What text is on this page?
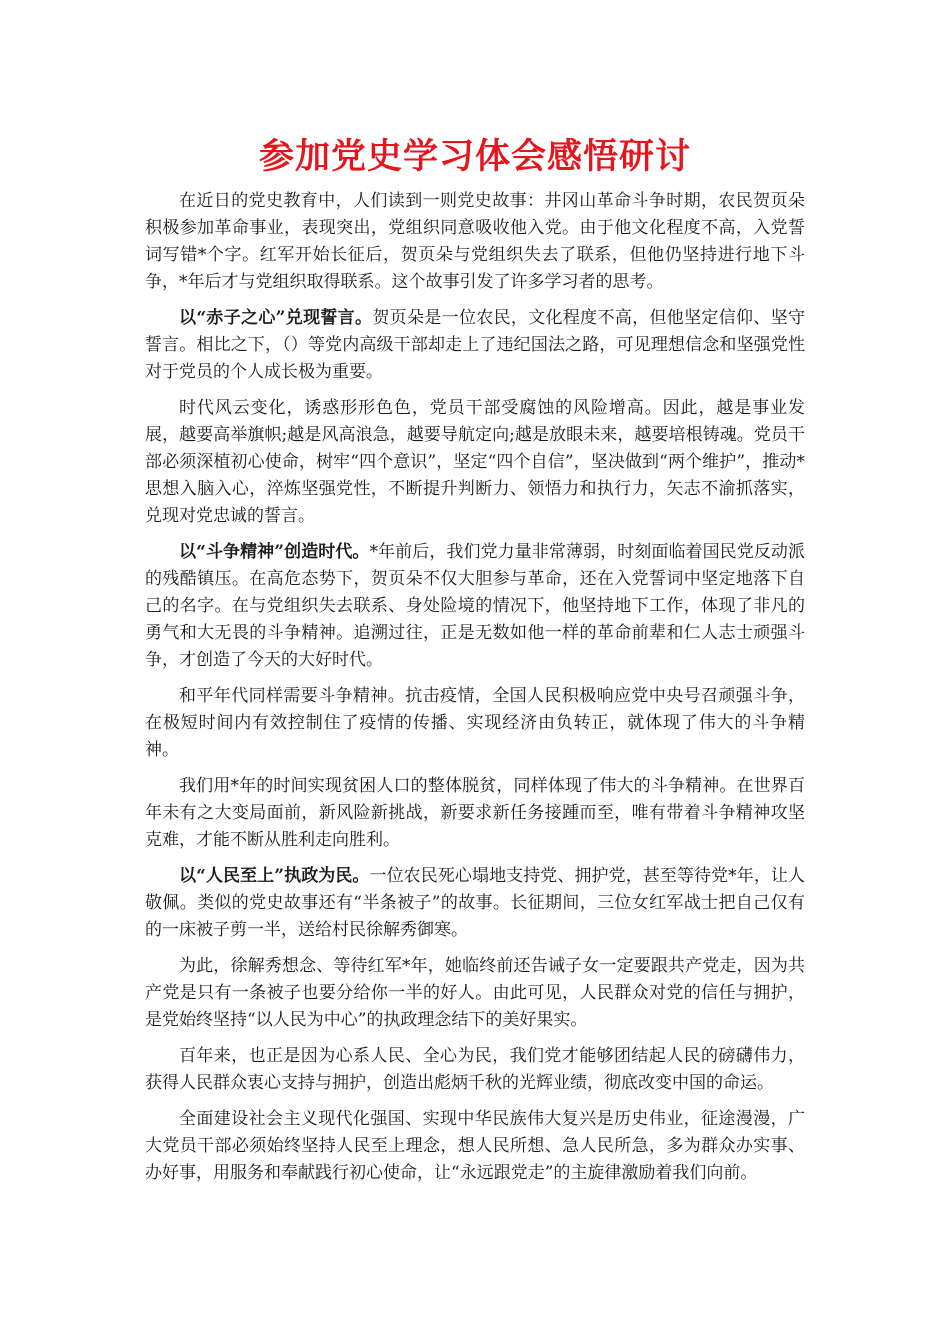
参加党史学习体会感悟研讨

在近日的党史教育中，人们读到一则党史故事：井冈山革命斗争时期，农民贺页朵积极参加革命事业，表现突出，党组织同意吸收他入党。由于他文化程度不高，入党誓词写错*个字。红军开始长征后，贺页朵与党组织失去了联系，但他仍坚持进行地下斗争，*年后才与党组织取得联系。这个故事引发了许多学习者的思考。

以“赤子之心”兑现誓言。贺页朵是一位农民，文化程度不高，但他坚定信仰、坚守誓言。相比之下，（）等党内高级干部却走上了违纪国法之路，可见理想信念和坚强党性对于党员的个人成长极为重要。

时代风云变化，诱惑形形色色，党员干部受腐蚀的风险增高。因此，越是事业发展，越要高举旗帜;越是风高浪急，越要导航定向;越是放眼未来，越要培根铸魂。党员干部必须深植初心使命，树牢“四个意识”，坚定“四个自信”，坚决做到“两个维护”，推动*思想入脑入心，淬炼坚强党性，不断提升判断力、领悟力和执行力，矢志不渝抓落实，兑现对党忠诚的誓言。

以“斗争精神”创造时代。*年前后，我们党力量非常薄弱，时刻面临着国民党反动派的残酷镇压。在高危态势下，贺页朵不仅大胆参与革命，还在入党誓词中坚定地落下自己的名字。在与党组织失去联系、身处险境的情况下，他坚持地下工作，体现了非凡的勇气和大无畏的斗争精神。追溯过往，正是无数如他一样的革命前辈和仁人志士顽强斗争，才创造了今天的大好时代。

和平年代同样需要斗争精神。抗击疫情，全国人民积极响应党中央号召顽强斗争，在极短时间内有效控制住了疫情的传播、实现经济由负转正，就体现了伟大的斗争精神。

我们用*年的时间实现贫困人口的整体脱贫，同样体现了伟大的斗争精神。在世界百年未有之大变局面前，新风险新挑战，新要求新任务接踵而至，唯有带着斗争精神攻坚克难，才能不断从胜利走向胜利。

以“人民至上”执政为民。一位农民死心塌地支持党、拥护党，甚至等待党*年，让人敬佩。类似的党史故事还有“半条被子”的故事。长征期间，三位女红军战士把自己仅有的一床被子剪一半，送给村民徐解秀御寒。

为此，徐解秀想念、等待红军*年，她临终前还告诫子女一定要跟共产党走，因为共产党是只有一条被子也要分给你一半的好人。由此可见，人民群众对党的信任与拥护，是党始终坚持“以人民为中心”的执政理念结下的美好果实。

百年来，也正是因为心系人民、全心为民，我们党才能够团结起人民的磅礴伟力，获得人民群众衷心支持与拥护，创造出彪炳千秋的光辉业绩，彻底改变中国的命运。

全面建设社会主义现代化强国、实现中华民族伟大复兴是历史伟业，征途漫漫，广大党员干部必须始终坚持人民至上理念，想人民所想、急人民所急，多为群众办实事、办好事，用服务和奉献践行初心使命，让“永远跟党走”的主旋律激励着我们向前。
